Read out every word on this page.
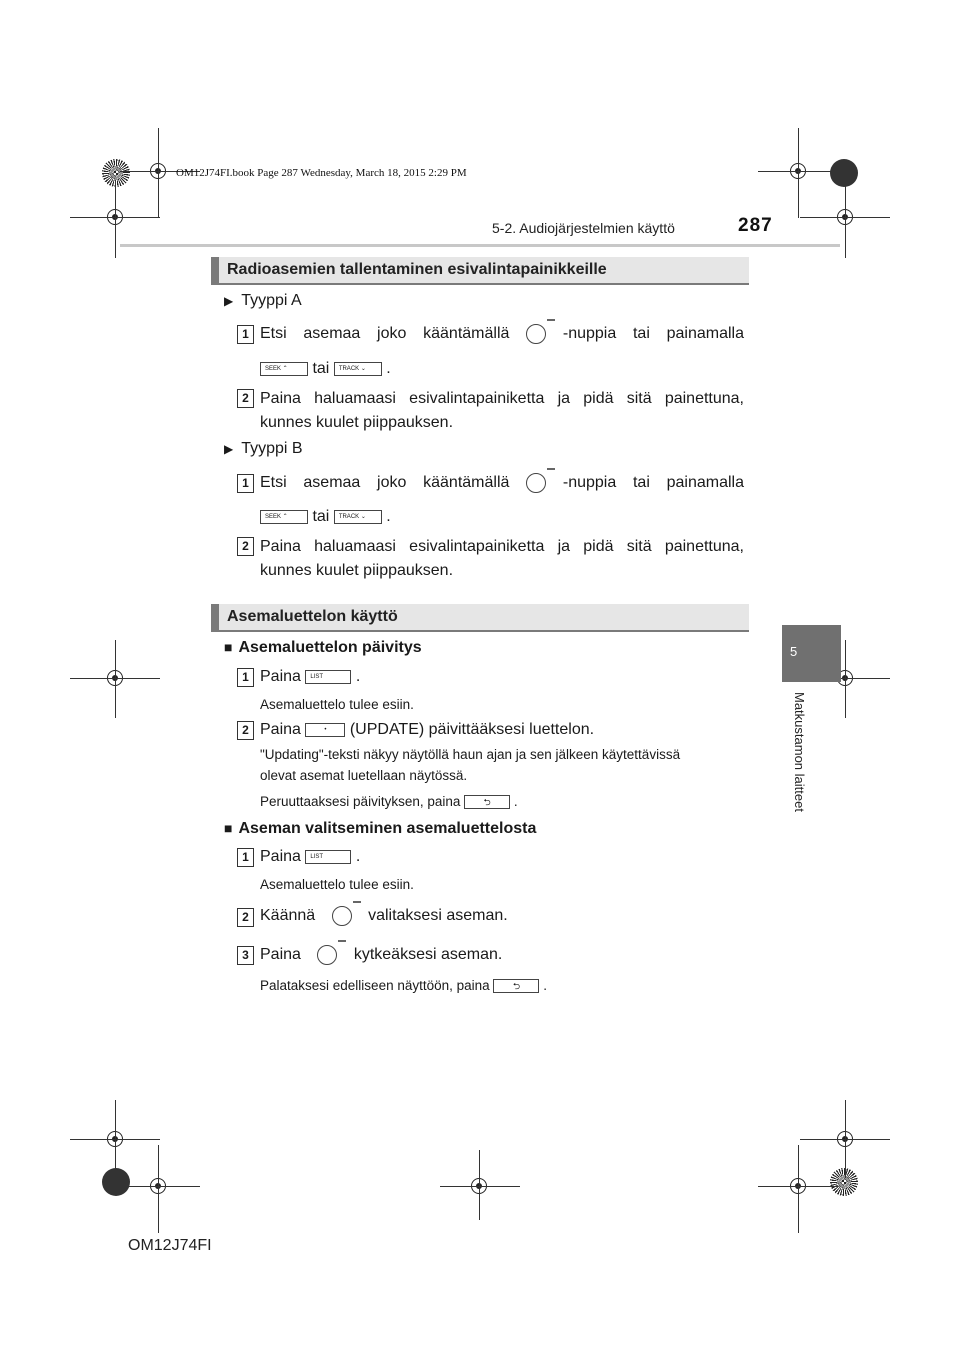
OM12J74FI.book Page 287 Wednesday, March 18, 2015 2:29 PM
5-2. Audiojärjestelmien käyttö	287
5
Matkustamon laitteet
Radioasemien tallentaminen esivalintapainikkeille
▶ Tyyppi A
1 Etsi asemaa joko kääntämällä	-nuppia tai painamalla
SEEK ⌃ tai TRACK ⌄ .
2 Paina haluamaasi esivalintapainiketta ja pidä sitä painettuna,
kunnes kuulet piippauksen.
▶ Tyyppi B
1 Etsi asemaa joko kääntämällä	-nuppia tai painamalla
SEEK ⌃ tai TRACK ⌄ .
2 Paina haluamaasi esivalintapainiketta ja pidä sitä painettuna,
kunnes kuulet piippauksen.
Asemaluettelon käyttö
■ Asemaluettelon päivitys
1 Paina LIST .
Asemaluettelo tulee esiin.
2 Paina	• (UPDATE) päivittääksesi luettelon.
"Updating"-teksti näkyy näytöllä haun ajan ja sen jälkeen käytettävissä
olevat asemat luetellaan näytössä.
Peruuttaaksesi päivityksen, paina	⮌ .
■ Aseman valitseminen asemaluettelosta
1 Paina LIST .
Asemaluettelo tulee esiin.
2 Käännä	valitaksesi aseman.
3 Paina	kytkeäksesi aseman.
Palataksesi edelliseen näyttöön, paina	⮌ .
OM12J74FI
